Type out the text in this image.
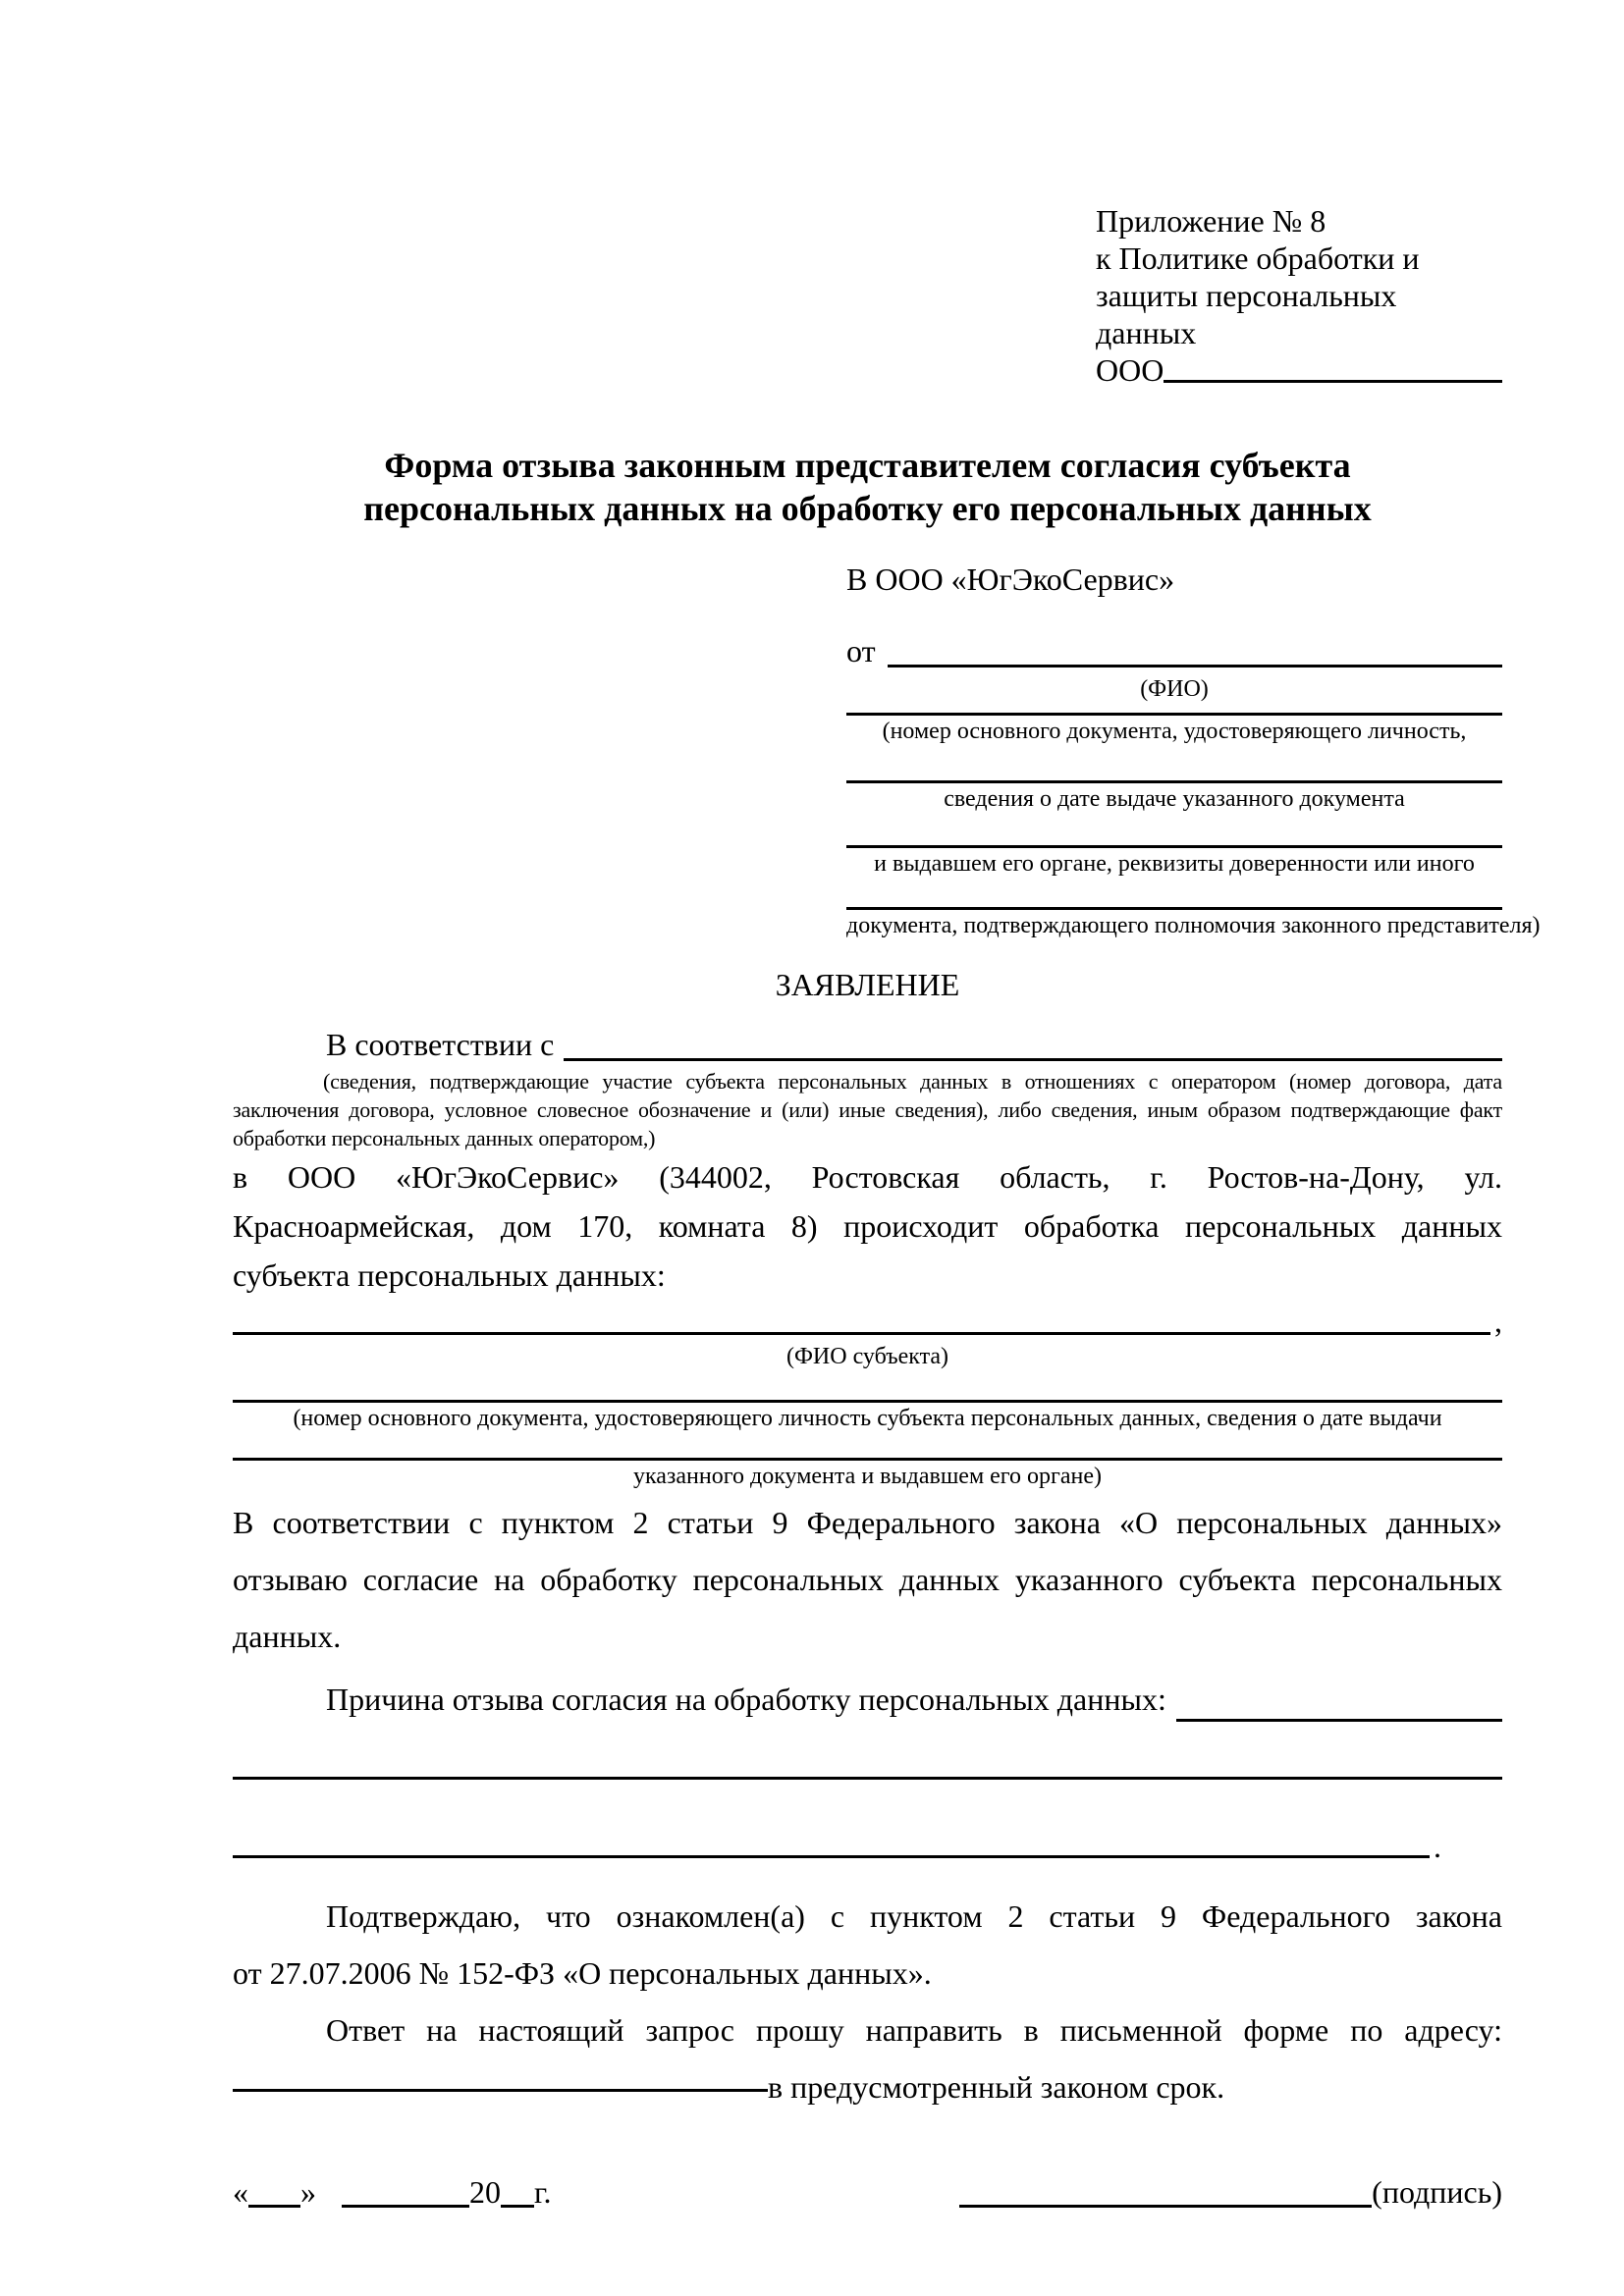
Приложение № 8
к Политике обработки и
защиты персональных данных
ООО
Форма отзыва законным представителем согласия субъекта
персональных данных на обработку его персональных данных
В ООО «ЮгЭкоСервис»
от
(ФИО)
(номер основного документа, удостоверяющего личность,
сведения о дате выдаче указанного документа
и выдавшем его органе, реквизиты доверенности или иного
документа, подтверждающего полномочия законного представителя)
ЗАЯВЛЕНИЕ
В соответствии с
(сведения, подтверждающие участие субъекта персональных данных в отношениях с оператором (номер договора, дата
заключения договора, условное словесное обозначение и (или) иные сведения), либо сведения, иным образом подтверждающие факт
обработки персональных данных оператором,)
в ООО «ЮгЭкоСервис» (344002, Ростовская область, г. Ростов-на-Дону, ул.
Красноармейская, дом 170, комната 8) происходит обработка персональных данных
субъекта персональных данных:
,
(ФИО субъекта)
(номер основного документа, удостоверяющего личность субъекта персональных данных, сведения о дате выдачи
указанного документа и выдавшем его органе)
В соответствии с пунктом 2 статьи 9 Федерального закона «О персональных данных»
отзываю согласие на обработку персональных данных указанного субъекта персональных
данных.
Причина отзыва согласия на обработку персональных данных:
.
Подтверждаю, что ознакомлен(а) с пунктом 2 статьи 9 Федерального закона
от 27.07.2006 № 152-ФЗ «О персональных данных».
Ответ на настоящий запрос прошу направить в письменной форме по адресу:
в предусмотренный законом срок.
« »	20 г.	(подпись)
